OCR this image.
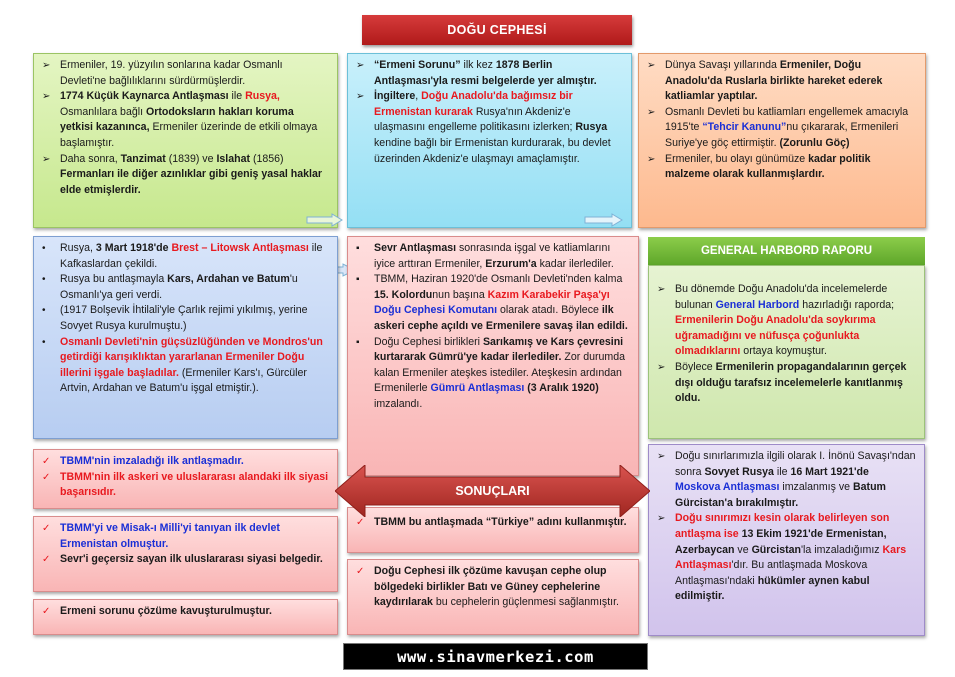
DOĞU CEPHESİ
➢ Ermeniler, 19. yüzyılın sonlarına kadar Osmanlı Devleti'ne bağlılıklarını sürdürmüşlerdir.
➢ 1774 Küçük Kaynarca Antlaşması ile Rusya, Osmanlılara bağlı Ortodoksların hakları koruma yetkisi kazanınca, Ermeniler üzerinde de etkili olmaya başlamıştır.
➢ Daha sonra, Tanzimat (1839) ve Islahat (1856) Fermanları ile diğer azınlıklar gibi geniş yasal haklar elde etmişlerdir.
➢ “Ermeni Sorunu” ilk kez 1878 Berlin Antlaşması'yla resmi belgelerde yer almıştır.
➢ İngiltere, Doğu Anadolu'da bağımsız bir Ermenistan kurarak Rusya'nın Akdeniz'e ulaşmasını engelleme politikasını izlerken; Rusya kendine bağlı bir Ermenistan kurdurarak, bu devlet üzerinden Akdeniz'e ulaşmayı amaçlamıştır.
➢ Dünya Savaşı yıllarında Ermeniler, Doğu Anadolu'da Ruslarla birlikte hareket ederek katliamlar yaptılar.
➢ Osmanlı Devleti bu katliamları engellemek amacıyla 1915'te “Tehcir Kanunu”nu çıkararak, Ermenileri Suriye'ye göç ettirmiştir. (Zorunlu Göç)
➢ Ermeniler, bu olayı günümüze kadar politik malzeme olarak kullanmışlardır.
• Rusya, 3 Mart 1918'de Brest – Litowsk Antlaşması ile Kafkaslardan çekildi.
• Rusya bu antlaşmayla Kars, Ardahan ve Batum'u Osmanlı'ya geri verdi.
• (1917 Bolşevik İhtilali'yle Çarlık rejimi yıkılmış, yerine Sovyet Rusya kurulmuştu.)
• Osmanlı Devleti'nin güçsüzlüğünden ve Mondros'un getirdiği karışıklıktan yararlanan Ermeniler Doğu illerini işgale başladılar. (Ermeniler Kars'ı, Gürcüler Artvin, Ardahan ve Batum'u işgal etmiştir.).
▪ Sevr Antlaşması sonrasında işgal ve katliamlarını iyice arttıran Ermeniler, Erzurum'a kadar ilerlediler.
▪ TBMM, Haziran 1920'de Osmanlı Devleti'nden kalma 15. Kolordunun başına Kazım Karabekir Paşa'yı Doğu Cephesi Komutanı olarak atadı. Böylece ilk askeri cephe açıldı ve Ermenilere savaş ilan edildi.
▪ Doğu Cephesi birlikleri Sarıkamış ve Kars çevresini kurtararak Gümrü'ye kadar ilerlediler. Zor durumda kalan Ermeniler ateşkes istediler. Ateşkesin ardından Ermenilerle Gümrü Antlaşması (3 Aralık 1920) imzalandı.
GENERAL HARBORD RAPORU
➢ Bu dönemde Doğu Anadolu'da incelemelerde bulunan General Harbord hazırladığı raporda; Ermenilerin Doğu Anadolu'da soykırıma uğramadığını ve nüfusça çoğunlukta olmadıklarını ortaya koymuştur.
➢ Böylece Ermenilerin propagandalarının gerçek dışı olduğu tarafsız incelemelerle kanıtlanmış oldu.
➢ Doğu sınırlarımızla ilgili olarak I. İnönü Savaşı'ndan sonra Sovyet Rusya ile 16 Mart 1921'de Moskova Antlaşması imzalanmış ve Batum Gürcistan'a bırakılmıştır.
➢ Doğu sınırımızı kesin olarak belirleyen son antlaşma ise 13 Ekim 1921'de Ermenistan, Azerbaycan ve Gürcistan'la imzaladığımız Kars Antlaşması'dır. Bu antlaşmada Moskova Antlaşması'ndaki hükümler aynen kabul edilmiştir.
✓ TBMM'nin imzaladığı ilk antlaşmadır.
✓ TBMM'nin ilk askeri ve uluslararası alandaki ilk siyasi başarısıdır.
✓ TBMM'yi ve Misak-ı Milli'yi tanıyan ilk devlet Ermenistan olmuştur.
✓ Sevr'i geçersiz sayan ilk uluslararası siyasi belgedir.
✓ Ermeni sorunu çözüme kavuşturulmuştur.
✓ TBMM bu antlaşmada “Türkiye” adını kullanmıştır.
✓ Doğu Cephesi ilk çözüme kavuşan cephe olup bölgedeki birlikler Batı ve Güney cephelerine kaydırılarak bu cephelerin güçlenmesi sağlanmıştır.
SONUÇLARI
www.sinavmerkezi.com
